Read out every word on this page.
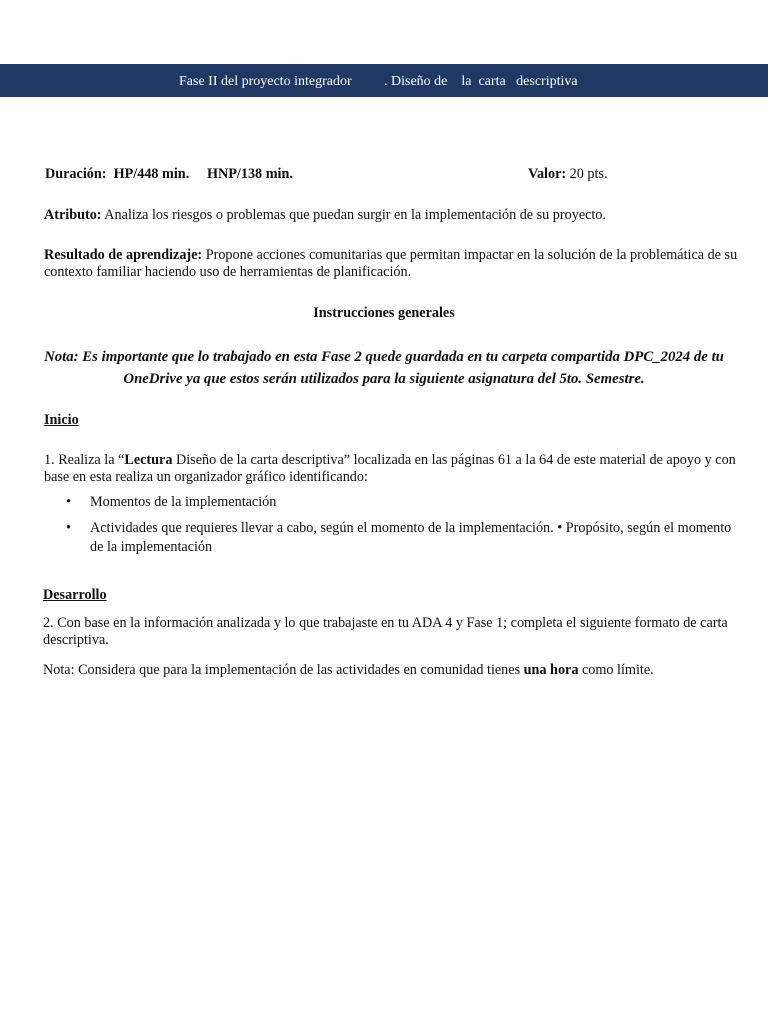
Fase II del proyecto integrador . Diseño de    la  carta   descriptiva
Duración: HP/448 min.     HNP/138 min.	Valor: 20 pts.
Atributo: Analiza los riesgos o problemas que puedan surgir en la implementación de su proyecto.
Resultado de aprendizaje: Propone acciones comunitarias que permitan impactar en la solución de la problemática de su
contexto familiar haciendo uso de herramientas de planificación.
Instrucciones generales
Nota: Es importante que lo trabajado en esta Fase 2 quede guardada en tu carpeta compartida DPC_2024 de tu
OneDrive ya que estos serán utilizados para la siguiente asignatura del 5to. Semestre.
Inicio
1. Realiza la “Lectura Diseño de la carta descriptiva” localizada en las páginas 61 a la 64 de este material de apoyo y con
base en esta realiza un organizador gráfico identificando:
• Momentos de la implementación
• Actividades que requieres llevar a cabo, según el momento de la implementación. • Propósito, según el momento
de la implementación
Desarrollo
2. Con base en la información analizada y lo que trabajaste en tu ADA 4 y Fase 1; completa el siguiente formato de carta
descriptiva.
Nota: Considera que para la implementación de las actividades en comunidad tienes una hora como límite.
